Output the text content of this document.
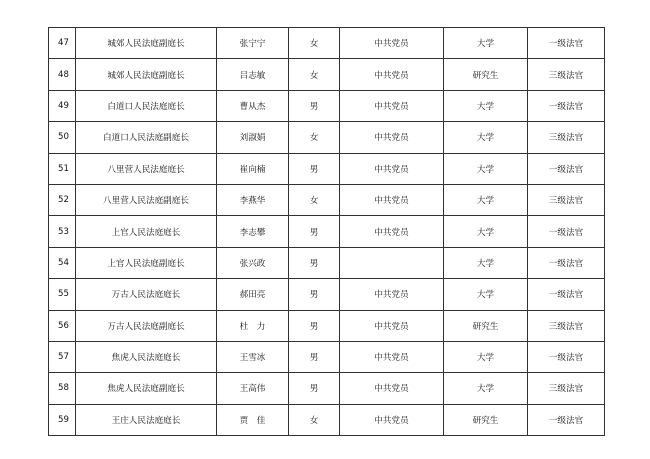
47	城郊人民法庭副庭长	张宁宁	女	中共党员	大学	一级法官
48	城郊人民法庭副庭长	吕志敏	女	中共党员	研究生	三级法官
49	白道口人民法庭庭长	曹从杰	男	中共党员	大学	一级法官
50	白道口人民法庭副庭长	刘淑娟	女	中共党员	大学	三级法官
51	八里营人民法庭庭长	崔向楠	男	中共党员	大学	一级法官
52	八里营人民法庭副庭长	李燕华	女	中共党员	大学	三级法官
53	上官人民法庭庭长	李志攀	男	中共党员	大学	一级法官
54	上官人民法庭副庭长	张兴政	男		大学	一级法官
55	万古人民法庭庭长	郝田亮	男	中共党员	大学	一级法官
56	万古人民法庭副庭长	杜　力	男	中共党员	研究生	三级法官
57	焦虎人民法庭庭长	王雪冰	男	中共党员	大学	一级法官
58	焦虎人民法庭副庭长	王高伟	男	中共党员	大学	三级法官
59	王庄人民法庭庭长	贾　佳	女	中共党员	研究生	一级法官
